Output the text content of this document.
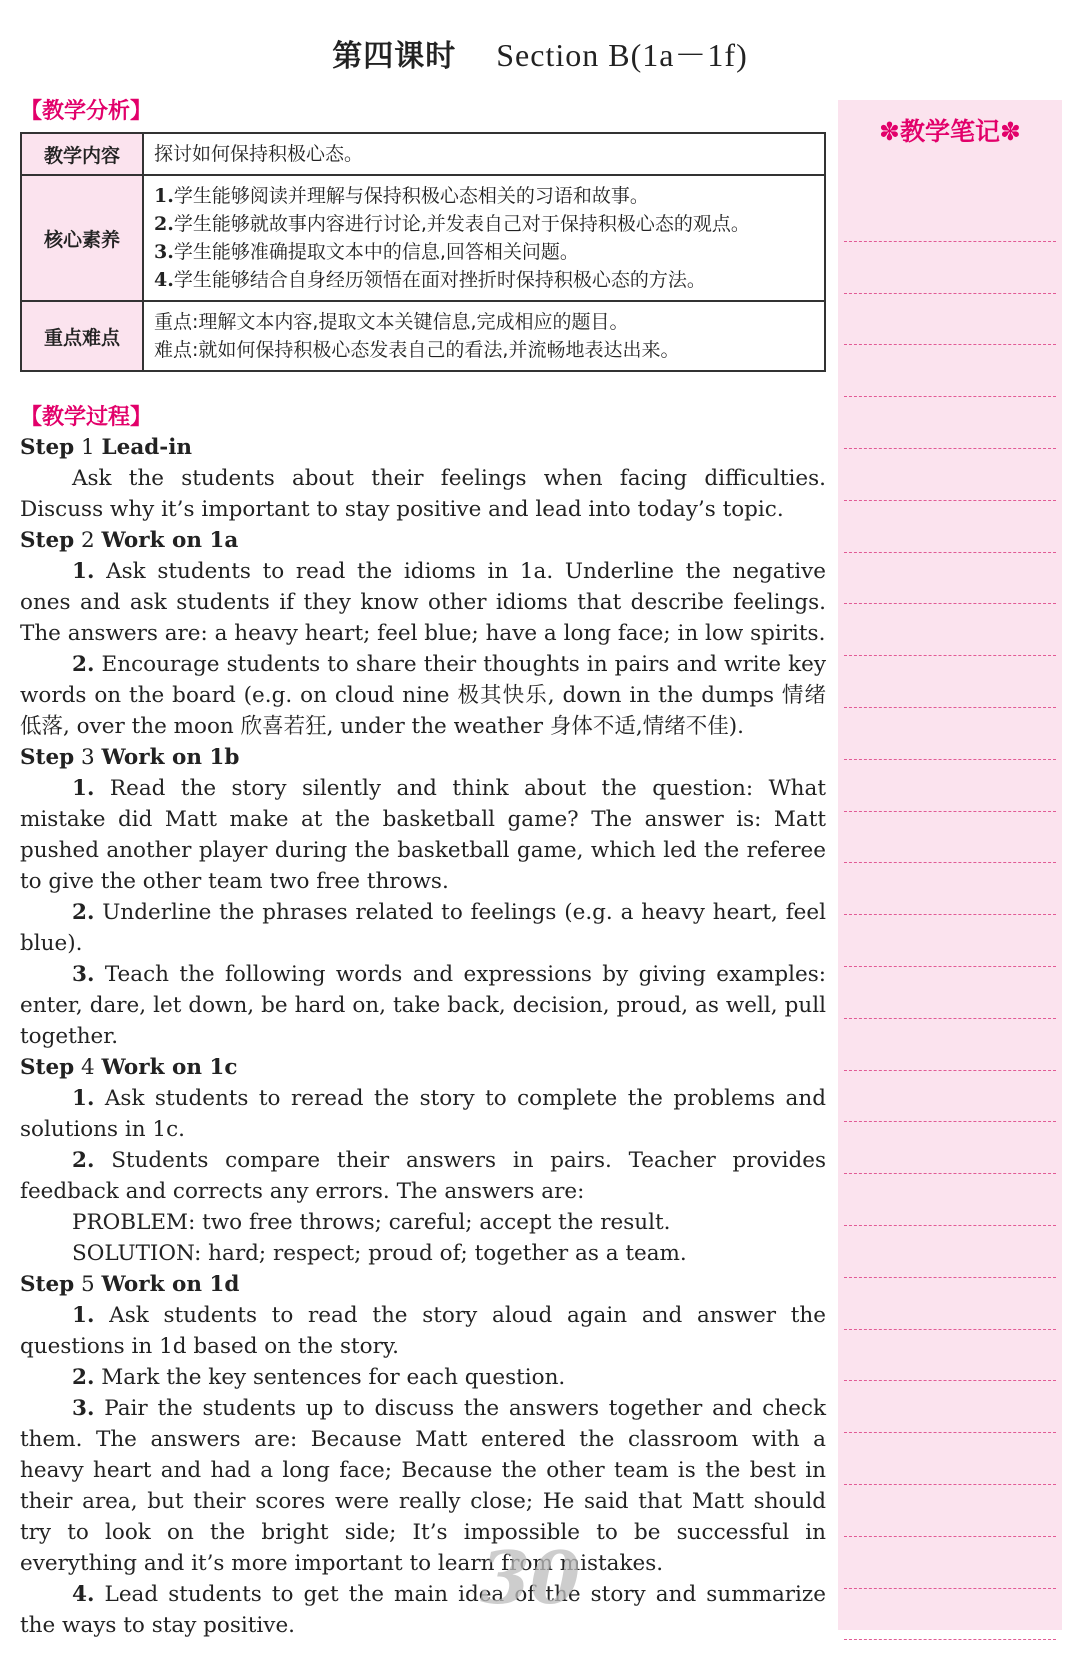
第四课时 Section B(1a－1f)
【教学分析】
教学内容	探讨如何保持积极心态。
核心素养	1.学生能够阅读并理解与保持积极心态相关的习语和故事。
2.学生能够就故事内容进行讨论,并发表自己对于保持积极心态的观点。
3.学生能够准确提取文本中的信息,回答相关问题。
4.学生能够结合自身经历领悟在面对挫折时保持积极心态的方法。

重点难点	重点:理解文本内容,提取文本关键信息,完成相应的题目。
难点:就如何保持积极心态发表自己的看法,并流畅地表达出来。
【教学过程】

Step 1 Lead-in

Ask the students about their feelings when facing difficulties. Discuss why it’s important to stay positive and lead into today’s topic.

Step 2 Work on 1a

1. Ask students to read the idioms in 1a. Underline the negative ones and ask students if they know other idioms that describe feelings. The answers are: a heavy heart; feel blue; have a long face; in low spirits.

2. Encourage students to share their thoughts in pairs and write key words on the board (e.g. on cloud nine 极其快乐, down in the dumps 情绪低落, over the moon 欣喜若狂, under the weather 身体不适,情绪不佳).

Step 3 Work on 1b

1. Read the story silently and think about the question: What mistake did Matt make at the basketball game? The answer is: Matt pushed another player during the basketball game, which led the referee to give the other team two free throws.

2. Underline the phrases related to feelings (e.g. a heavy heart, feel blue).

3. Teach the following words and expressions by giving examples: enter, dare, let down, be hard on, take back, decision, proud, as well, pull together.

Step 4 Work on 1c

1. Ask students to reread the story to complete the problems and solutions in 1c.

2. Students compare their answers in pairs. Teacher provides feedback and corrects any errors. The answers are:

PROBLEM: two free throws; careful; accept the result.

SOLUTION: hard; respect; proud of; together as a team.

Step 5 Work on 1d

1. Ask students to read the story aloud again and answer the questions in 1d based on the story.

2. Mark the key sentences for each question.

3. Pair the students up to discuss the answers together and check them. The answers are: Because Matt entered the classroom with a heavy heart and had a long face; Because the other team is the best in their area, but their scores were really close; He said that Matt should try to look on the bright side; It’s impossible to be successful in everything and it’s more important to learn from mistakes.

4. Lead students to get the main idea of the story and summarize the ways to stay positive.

✽教学笔记✽
30
